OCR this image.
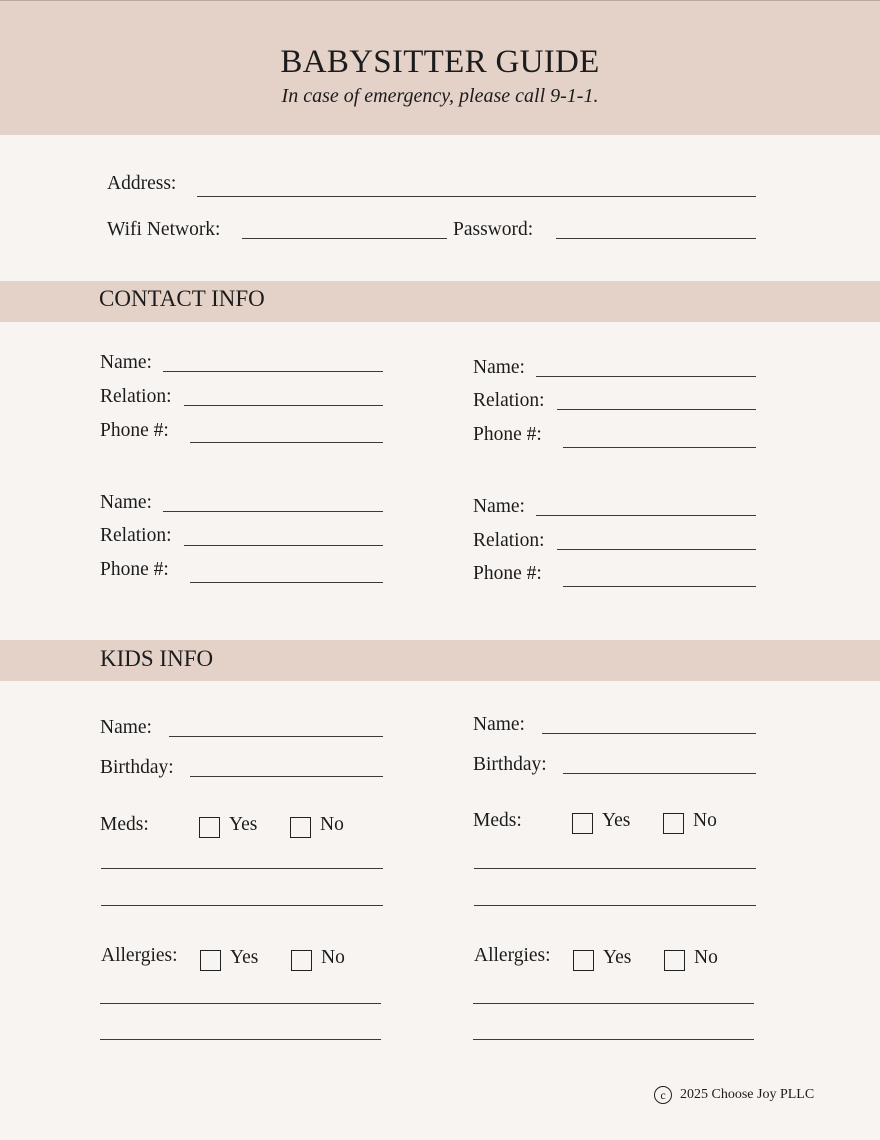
BABYSITTER GUIDE
In case of emergency, please call 9-1-1.
Address:
Wifi Network:	Password:
CONTACT INFO
Name:
Relation:
Phone #:
Name:
Relation:
Phone #:
Name:
Relation:
Phone #:
Name:
Relation:
Phone #:
KIDS INFO
Name:
Birthday:
Meds:	Yes	No
Allergies:	Yes	No
Name:
Birthday:
Meds:	Yes	No
Allergies:	Yes	No
c	2025 Choose Joy PLLC
